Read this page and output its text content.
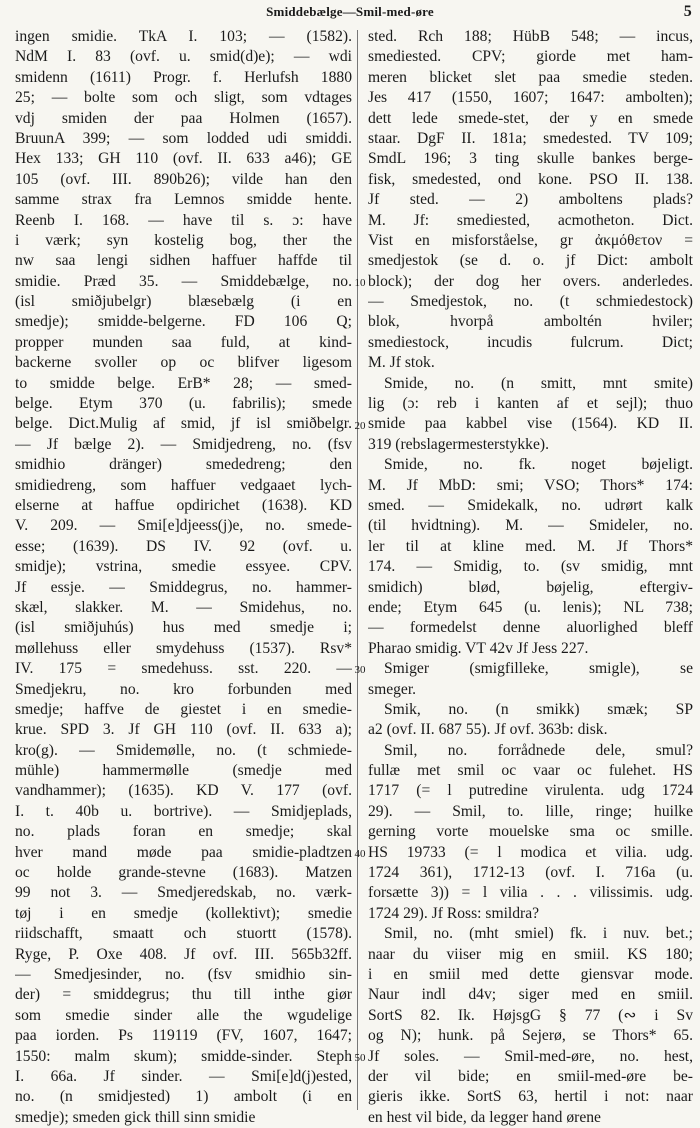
Smiddebælge—Smil-med-øre	5
ingen smidie. TkA I. 103; — (1582).
NdM I. 83 (ovf. u. smid(d)e); — wdi
smidenn (1611) Progr. f. Herlufsh 1880
25; — bolte som och sligt, som vdtages
vdj smiden der paa Holmen (1657).
BruunA 399; — som lodded udi smiddi.
Hex 133; GH 110 (ovf. II. 633 a46); GE
105 (ovf. III. 890b26); vilde han den
samme strax fra Lemnos smidde hente.
Reenb I. 168. — have til s. ɔ: have
i værk; syn kostelig bog, ther the
nw saa lengi sidhen haffuer haffde til
smidie. Præd 35. — Smiddebælge, no.
(isl smiðjubelgr) blæsebælg (i en
smedje); smidde-belgerne. FD 106 Q;
propper munden saa fuld, at kind-
backerne svoller op oc blifver ligesom
to smidde belge. ErB* 28; — smed-
belge. Etym 370 (u. fabrilis); smede
belge. Dict.Mulig af smid, jf isl smiðbelgr.
— Jf bælge 2). — Smidjedreng, no. (fsv
smidhio dränger) smededreng; den
smidiedreng, som haffuer vedgaaet lych-
elserne at haffue opdirichet (1638). KD
V. 209. — Smi[e]djeess(j)e, no. smede-
esse; (1639). DS IV. 92 (ovf. u.
smidje); vstrina, smedie essyee. CPV.
Jf essje. — Smiddegrus, no. hammer-
skæl, slakker. M. — Smidehus, no.
(isl smiðjuhús) hus med smedje i;
møllehuss eller smydehuss (1537). Rsv*
IV. 175 = smedehuss. sst. 220. —
Smedjekru, no. kro forbunden med
smedje; haffve de giestet i en smedie-
krue. SPD 3. Jf GH 110 (ovf. II. 633 a);
kro(g). — Smidemølle, no. (t schmiede-
mühle) hammermølle (smedje med
vandhammer); (1635). KD V. 177 (ovf.
I. t. 40b u. bortrive). — Smidjeplads,
no. plads foran en smedje; skal
hver mand møde paa smidie-pladtzen
oc holde grande-stevne (1683). Matzen
99 not 3. — Smedjeredskab, no. værk-
tøj i en smedje (kollektivt); smedie
riidschafft, smaatt och stuortt (1578).
Ryge, P. Oxe 408. Jf ovf. III. 565b32ff.
— Smedjesinder, no. (fsv smidhio sin-
der) = smiddegrus; thu till inthe giør
som smedie sinder alle the wgudelige
paa iorden. Ps 119119 (FV, 1607, 1647;
1550: malm skum); smidde-sinder. Steph
I. 66a. Jf sinder. — Smi[e]d(j)ested,
no. (n smidjested) 1) ambolt (i en
smedje); smeden gick thill sinn smidie
10
20
30
40
50
sted. Rch 188; HübB 548; — incus,
smediested. CPV; giorde met ham-
meren blicket slet paa smedie steden.
Jes 417 (1550, 1607; 1647: ambolten);
dett lede smede-stet, der y en smede
staar. DgF II. 181a; smedested. TV 109;
SmdL 196; 3 ting skulle bankes berge-
fisk, smedested, ond kone. PSO II. 138.
Jf sted. — 2) amboltens plads?
M. Jf: smediested, acmotheton. Dict.
Vist en misforståelse, gr ἀκμόθετον =
smedjestok (se d. o. jf Dict: ambolt
block); der dog her overs. anderledes.
— Smedjestok, no. (t schmiedestock)
blok, hvorpå amboltén hviler;
smediestock, incudis fulcrum. Dict;
M. Jf stok.
Smide, no. (n smitt, mnt smite)
lig (ɔ: reb i kanten af et sejl); thuo
smide paa kabbel vise (1564). KD II.
319 (rebslagermesterstykke).
Smide, no. fk. noget bøjeligt.
M. Jf MbD: smi; VSO; Thors* 174:
smed. — Smidekalk, no. udrørt kalk
(til hvidtning). M. — Smideler, no.
ler til at kline med. M. Jf Thors*
174. — Smidig, to. (sv smidig, mnt
smidich) blød, bøjelig, eftergiv-
ende; Etym 645 (u. lenis); NL 738;
— formedelst denne aluorlighed bleff
Pharao smidig. VT 42v Jf Jess 227.
Smiger (smigfilleke, smigle), se
smeger.
Smik, no. (n smikk) smæk; SP
a2 (ovf. II. 687 55). Jf ovf. 363b: disk.
Smil, no. forrådnede dele, smul?
fullæ met smil oc vaar oc fulehet. HS
1717 (= l putredine virulenta. udg 1724
29). — Smil, to. lille, ringe; huilke
gerning vorte mouelske sma oc smille.
HS 19733 (= l modica et vilia. udg.
1724 361), 1712-13 (ovf. I. 716a (u.
forsætte 3)) = l vilia . . . vilissimis. udg.
1724 29). Jf Ross: smildra?
Smil, no. (mht smiel) fk. i nuv. bet.;
naar du viiser mig en smiil. KS 180;
i en smiil med dette giensvar mode.
Naur indl d4v; siger med en smiil.
SortS 82. Ik. HøjsgG § 77 (∾ i Sv
og N); hunk. på Sejerø, se Thors* 65.
Jf soles. — Smil-med-øre, no. hest,
der vil bide; en smiil-med-øre be-
gieris ikke. SortS 63, hertil i not: naar
en hest vil bide, da legger hand ørene
